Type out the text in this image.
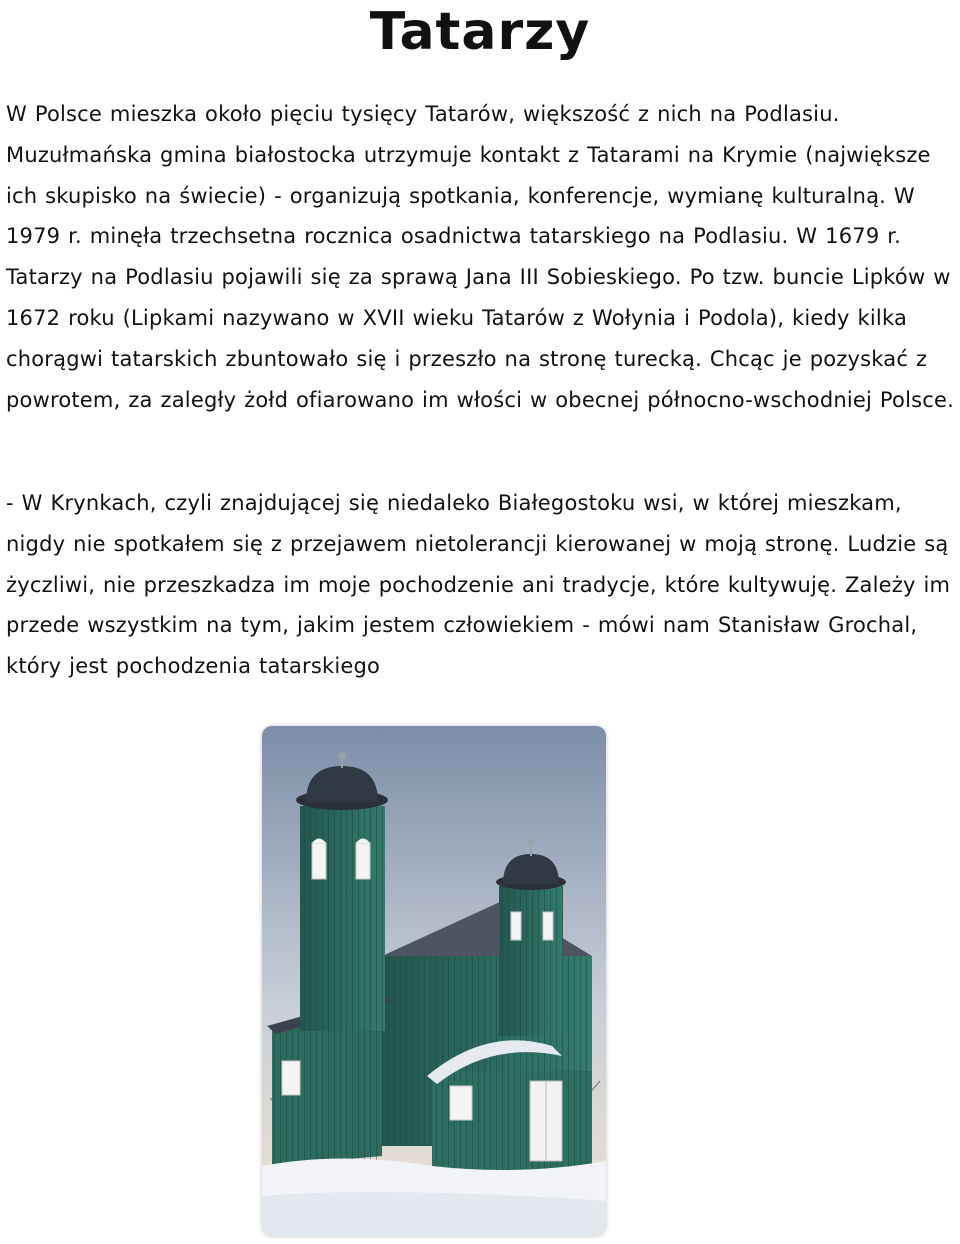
Tatarzy

W Polsce mieszka około pięciu tysięcy Tatarów, większość z nich na Podlasiu. Muzułmańska gmina białostocka utrzymuje kontakt z Tatarami na Krymie (największe ich skupisko na świecie) - organizują spotkania, konferencje, wymianę kulturalną. W 1979 r. minęła trzechsetna rocznica osadnictwa tatarskiego na Podlasiu. W 1679 r. Tatarzy na Podlasiu pojawili się za sprawą Jana III Sobieskiego. Po tzw. buncie Lipków w 1672 roku (Lipkami nazywano w XVII wieku Tatarów z Wołynia i Podola), kiedy kilka chorągwi tatarskich zbuntowało się i przeszło na stronę turecką. Chcąc je pozyskać z powrotem, za zaległy żołd ofiarowano im włości w obecnej północno-wschodniej Polsce.

- W Krynkach, czyli znajdującej się niedaleko Białegostoku wsi, w której mieszkam, nigdy nie spotkałem się z przejawem nietolerancji kierowanej w moją stronę. Ludzie są życzliwi, nie przeszkadza im moje pochodzenie ani tradycje, które kultywuję. Zależy im przede wszystkim na tym, jakim jestem człowiekiem - mówi nam Stanisław Grochal, który jest pochodzenia tatarskiego
